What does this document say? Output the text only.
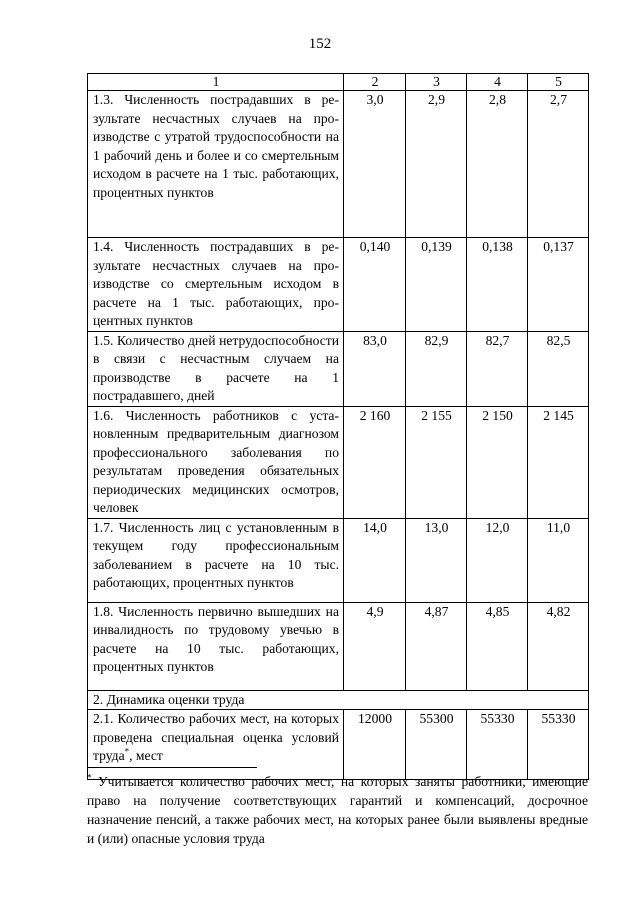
152
1	2	3	4	5
1.3. Численность пострадавших в результате несчастных случаев на производстве с утратой трудоспособности на 1 рабочий день и более и со смертельным исходом в расчете на 1 тыс. работающих, процентных пунктов	3,0	2,9	2,8	2,7
1.4. Численность пострадавших в результате несчастных случаев на производстве со смертельным исходом в расчете на 1 тыс. работающих, процентных пунктов	0,140	0,139	0,138	0,137
1.5. Количество дней нетрудоспособности в связи с несчастным случаем на производстве в расчете на 1 пострадавшего, дней	83,0	82,9	82,7	82,5
1.6. Численность работников с установленным предварительным диагнозом профессионального заболевания по результатам проведения обязательных периодических медицинских осмотров, человек	2 160	2 155	2 150	2 145
1.7. Численность лиц с установленным в текущем году профессиональным заболеванием в расчете на 10 тыс. работающих, процентных пунктов	14,0	13,0	12,0	11,0
1.8. Численность первично вышедших на инвалидность по трудовому увечью в расчете на 10 тыс. работающих, процентных пунктов	4,9	4,87	4,85	4,82
2. Динамика оценки труда				
2.1. Количество рабочих мест, на которых проведена специальная оценка условий труда*, мест	12000	55300	55330	55330
* Учитывается количество рабочих мест, на которых заняты работники, имеющие право на получение соответствующих гарантий и компенсаций, досрочное назначение пенсий, а также рабочих мест, на которых ранее были выявлены вредные и (или) опасные условия труда
